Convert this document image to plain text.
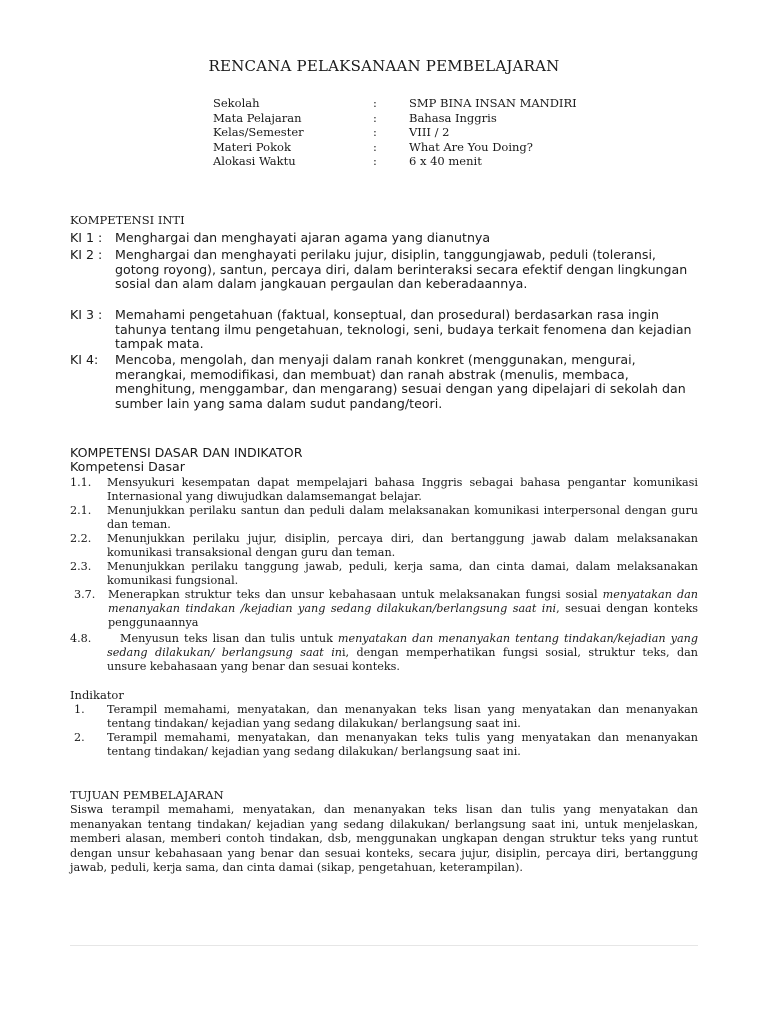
RENCANA PELAKSANAAN PEMBELAJARAN
Sekolah	:	SMP BINA INSAN MANDIRI
Mata Pelajaran	:	Bahasa Inggris
Kelas/Semester	:	VIII / 2
Materi Pokok	:	What Are You Doing?
Alokasi Waktu	:	6 x 40 menit
KOMPETENSI INTI
KI 1 : Menghargai dan menghayati ajaran agama yang dianutnya
KI 2 : Menghargai dan menghayati perilaku jujur, disiplin, tanggungjawab, peduli (toleransi, gotong royong), santun, percaya diri, dalam berinteraksi secara efektif dengan lingkungan sosial dan alam dalam jangkauan pergaulan dan keberadaannya.
KI 3 : Memahami pengetahuan (faktual, konseptual, dan prosedural) berdasarkan rasa ingin tahunya tentang ilmu pengetahuan, teknologi, seni, budaya terkait fenomena dan kejadian tampak mata.
KI 4: Mencoba, mengolah, dan menyaji dalam ranah konkret (menggunakan, mengurai, merangkai, memodifikasi, dan membuat) dan ranah abstrak (menulis, membaca, menghitung, menggambar, dan mengarang) sesuai dengan yang dipelajari di sekolah dan sumber lain yang sama dalam sudut pandang/teori.
KOMPETENSI DASAR DAN INDIKATOR
Kompetensi Dasar
1.1. Mensyukuri kesempatan dapat mempelajari bahasa Inggris sebagai bahasa pengantar komunikasi Internasional yang diwujudkan dalamsemangat belajar.
2.1. Menunjukkan perilaku santun dan peduli dalam melaksanakan komunikasi interpersonal dengan guru dan teman.
2.2. Menunjukkan perilaku jujur, disiplin, percaya diri, dan bertanggung jawab dalam melaksanakan komunikasi transaksional dengan guru dan teman.
2.3. Menunjukkan perilaku tanggung jawab, peduli, kerja sama, dan cinta damai, dalam melaksanakan komunikasi fungsional.
3.7. Menerapkan struktur teks dan unsur kebahasaan untuk melaksanakan fungsi sosial menyatakan dan menanyakan tindakan /kejadian yang sedang dilakukan/berlangsung saat ini, sesuai dengan konteks penggunaannya
4.8.	Menyusun teks lisan dan tulis untuk menyatakan dan menanyakan tentang tindakan/kejadian yang sedang dilakukan/ berlangsung saat ini, dengan memperhatikan fungsi sosial, struktur teks, dan unsure kebahasaan yang benar dan sesuai konteks.
Indikator
1. Terampil memahami, menyatakan, dan menanyakan teks lisan yang menyatakan dan menanyakan tentang tindakan/ kejadian yang sedang dilakukan/ berlangsung saat ini.
2. Terampil memahami, menyatakan, dan menanyakan teks tulis yang menyatakan dan menanyakan tentang tindakan/ kejadian yang sedang dilakukan/ berlangsung saat ini.
TUJUAN PEMBELAJARAN
Siswa terampil memahami, menyatakan, dan menanyakan teks lisan dan tulis yang menyatakan dan menanyakan tentang tindakan/ kejadian yang sedang dilakukan/ berlangsung saat ini, untuk menjelaskan, memberi alasan, memberi contoh tindakan, dsb, menggunakan ungkapan dengan struktur teks yang runtut dengan unsur kebahasaan yang benar dan sesuai konteks, secara jujur, disiplin, percaya diri, bertanggung jawab, peduli, kerja sama, dan cinta damai (sikap, pengetahuan, keterampilan).
